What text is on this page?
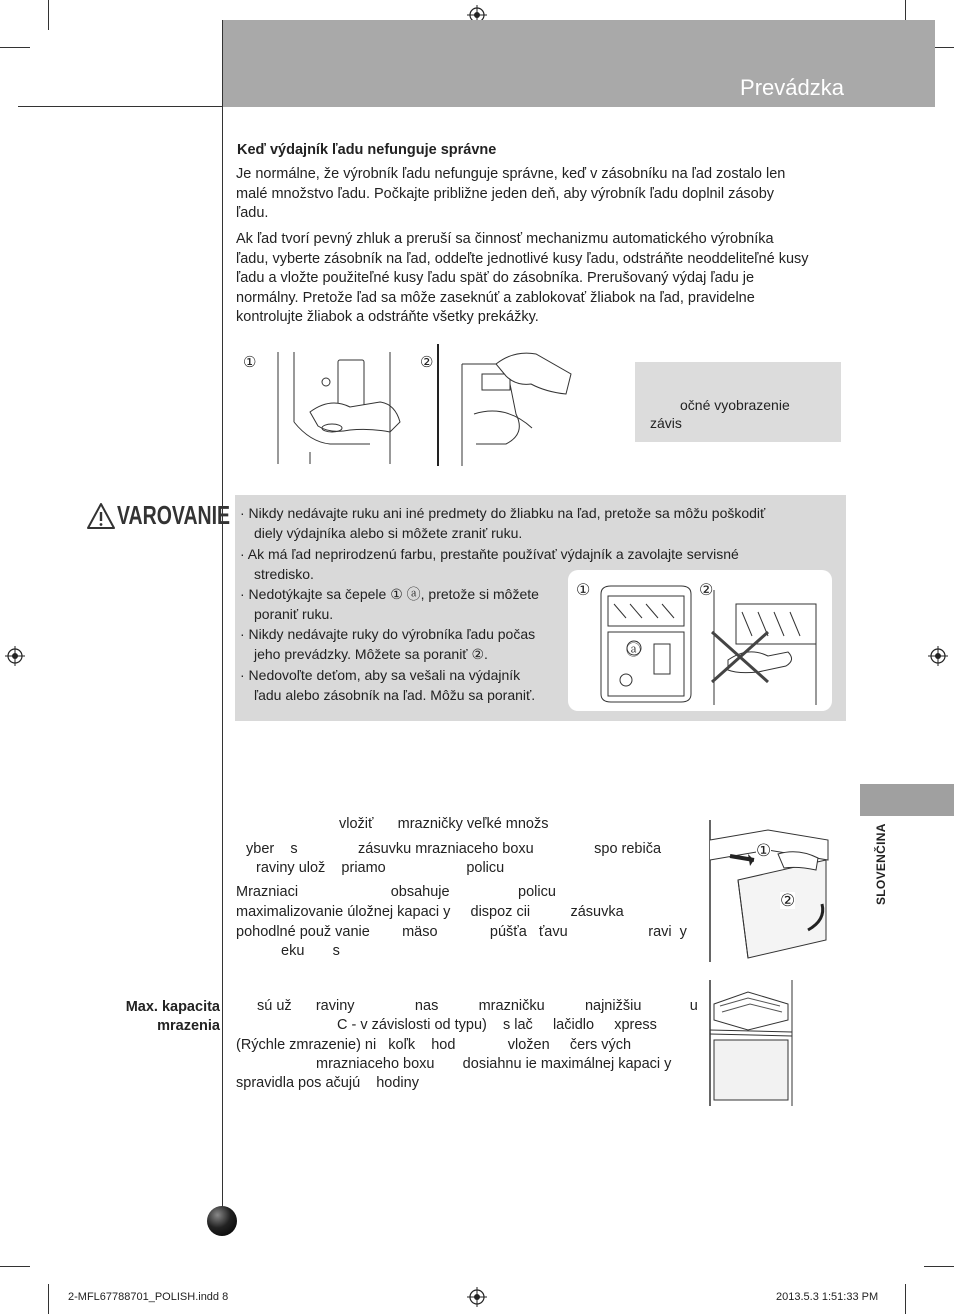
Prevádzka
Keď výdajník ľadu nefunguje správne
Je normálne, že výrobník ľadu nefunguje správne, keď v zásobníku na ľad zostalo len
malé množstvo ľadu. Počkajte približne jeden deň, aby výrobník ľadu doplnil zásoby
ľadu.
Ak ľad tvorí pevný zhluk a preruší sa činnosť mechanizmu automatického výrobníka
ľadu, vyberte zásobník na ľad, oddeľte jednotlivé kusy ľadu, odstráňte neoddeliteľné kusy
ľadu a vložte použiteľné kusy ľadu späť do zásobníka. Prerušovaný výdaj ľadu je
normálny. Pretože ľad sa môže zaseknúť a zablokovať žliabok na ľad, pravidelne
kontrolujte žliabok a odstráňte všetky prekážky.
①	②
očné vyobrazenie
závis
VAROVANIE · Nikdy nedávajte ruku ani iné predmety do žliabku na ľad, pretože sa môžu poškodiť
diely výdajníka alebo si môžete zraniť ruku.
· Ak má ľad neprirodzenú farbu, prestaňte používať výdajník a zavolajte servisné
stredisko.
· Nedotýkajte sa čepele ① ⓐ, pretože si môžete
poraniť ruku.
· Nikdy nedávajte ruky do výrobníka ľadu počas
jeho prevádzky. Môžete sa poraniť ②.
· Nedovoľte deťom, aby sa vešali na výdajník
ľadu alebo zásobník na ľad. Môžu sa poraniť.
①	②
ⓐ
SLOVENČINA
vložiť      mrazničky veľké množs
yber    s               zásuvku mrazniaceho boxu               spo rebiča
raviny ulož    priamo                    policu
Mrazniaci                       obsahuje                 policu
maximalizovanie úložnej kapaci y     dispoz cii          zásuvka
pohodlné použ vanie        mäso             púšťa   ťavu                    ravi  y
eku       s
①
②
Max. kapacita
mrazenia
sú už      raviny               nas          mrazničku          najnižšiu            u
C - v závislosti od typu)    s lač     lačidlo     xpress
(Rýchle zmrazenie) ni   koľk    hod             vložen     čers vých
mrazniaceho boxu       dosiahnu ie maximálnej kapaci y
spravidla pos ačujú    hodiny
2-MFL67788701_POLISH.indd 8	2013.5.3 1:51:33 PM
